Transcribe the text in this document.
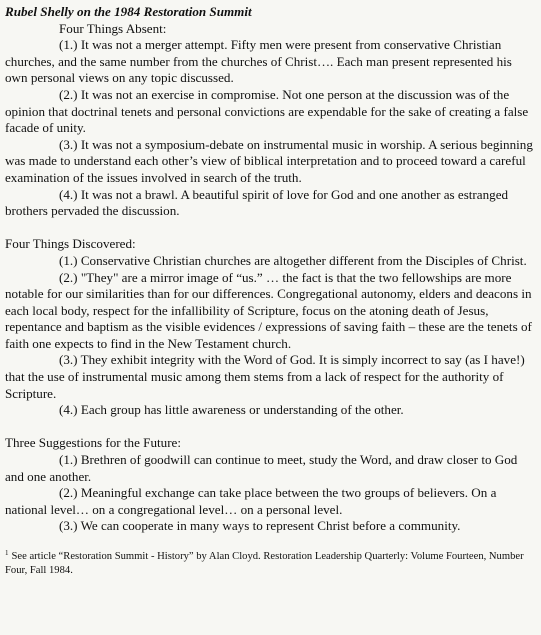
Rubel Shelly on the 1984 Restoration Summit

Four Things Absent:

(1.) It was not a merger attempt. Fifty men were present from conservative Christian churches, and the same number from the churches of Christ…. Each man present represented his own personal views on any topic discussed.

(2.) It was not an exercise in compromise. Not one person at the discussion was of the opinion that doctrinal tenets and personal convictions are expendable for the sake of creating a false facade of unity.

(3.) It was not a symposium-debate on instrumental music in worship. A serious beginning was made to understand each other’s view of biblical interpretation and to proceed toward a careful examination of the issues involved in search of the truth.

(4.) It was not a brawl. A beautiful spirit of love for God and one another as estranged brothers pervaded the discussion.

Four Things Discovered:

(1.) Conservative Christian churches are altogether different from the Disciples of Christ.

(2.) "They" are a mirror image of “us.” … the fact is that the two fellowships are more notable for our similarities than for our differences. Congregational autonomy, elders and deacons in each local body, respect for the infallibility of Scripture, focus on the atoning death of Jesus, repentance and baptism as the visible evidences / expressions of saving faith – these are the tenets of faith one expects to find in the New Testament church.

(3.) They exhibit integrity with the Word of God. It is simply incorrect to say (as I have!) that the use of instrumental music among them stems from a lack of respect for the authority of Scripture.

(4.) Each group has little awareness or understanding of the other.

Three Suggestions for the Future:

(1.) Brethren of goodwill can continue to meet, study the Word, and draw closer to God and one another.

(2.) Meaningful exchange can take place between the two groups of believers. On a national level… on a congregational level… on a personal level.

(3.) We can cooperate in many ways to represent Christ before a community.

$^1$ See article “Restoration Summit - History” by Alan Cloyd. Restoration Leadership Quarterly: Volume Fourteen, Number Four, Fall 1984.
